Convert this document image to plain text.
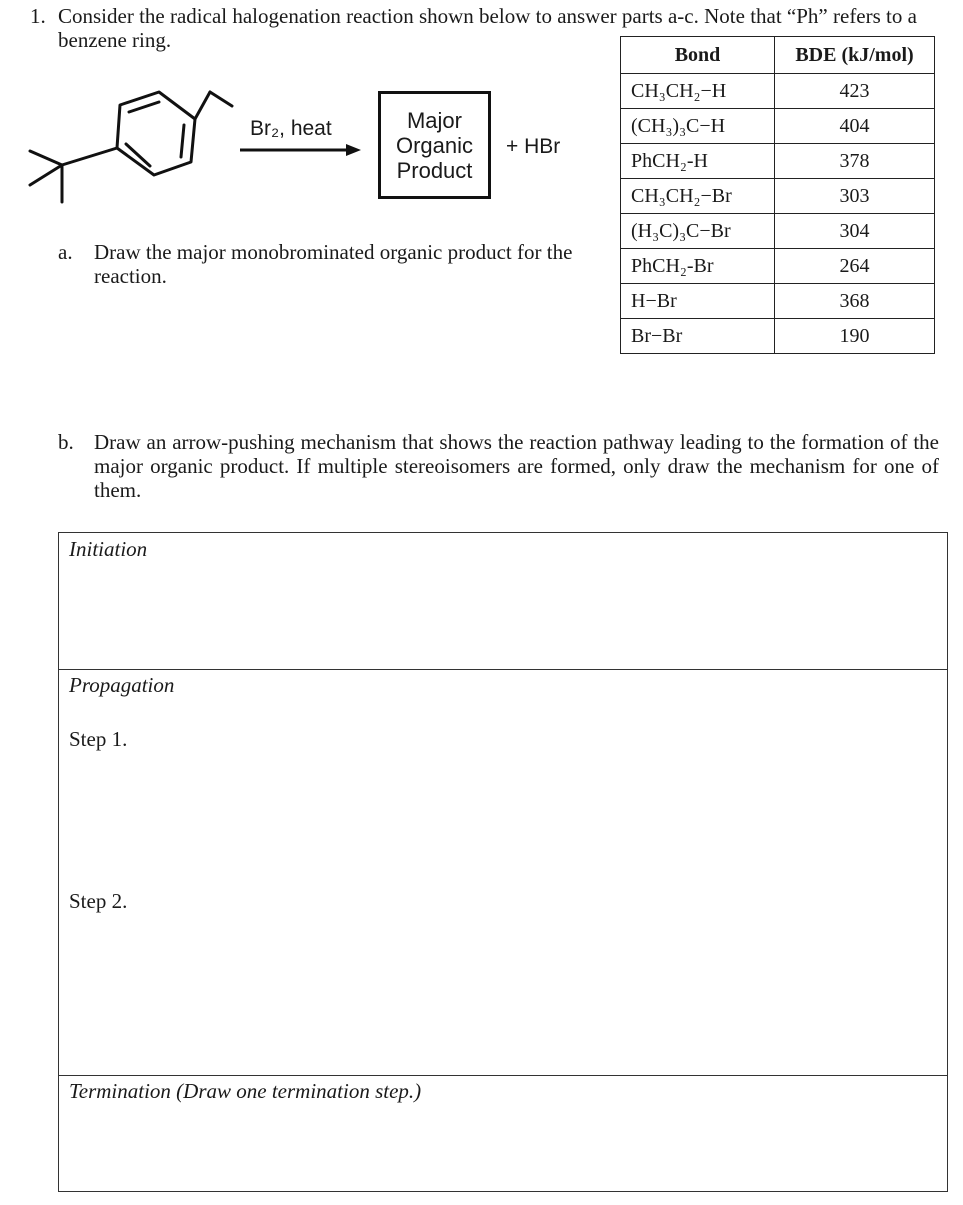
1. Consider the radical halogenation reaction shown below to answer parts a-c. Note that “Ph” refers to a benzene ring.
Br₂, heat	Major
Organic
Product
+ HBr
Bond	BDE (kJ/mol)
CH₃CH₂−H	423
(CH₃)₃C−H	404
PhCH₂-H	378
CH₃CH₂−Br	303
(H₃C)₃C−Br	304
PhCH₂-Br	264
H−Br	368
Br−Br	190
a. Draw the major monobrominated organic product for the reaction.
b. Draw an arrow-pushing mechanism that shows the reaction pathway leading to the formation of the major organic product. If multiple stereoisomers are formed, only draw the mechanism for one of them.
Initiation
Propagation
Step 1.
Step 2.
Termination (Draw one termination step.)
